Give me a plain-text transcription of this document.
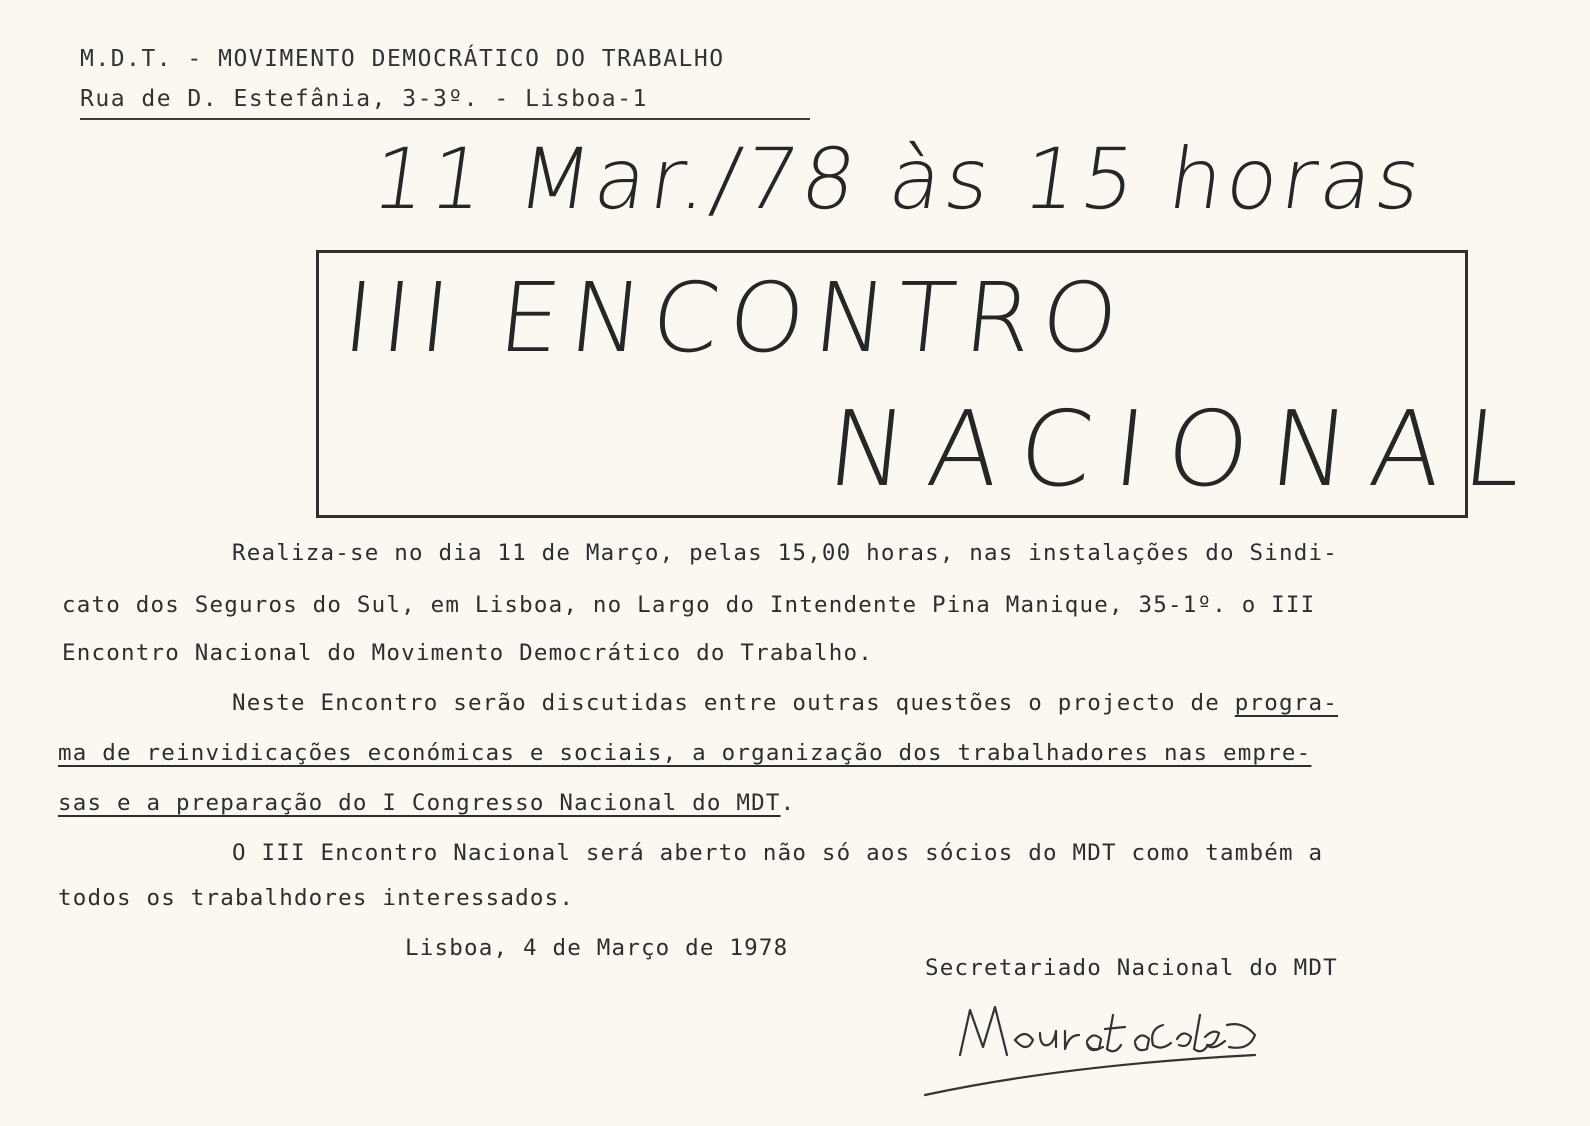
M.D.T. - MOVIMENTO DEMOCRÁTICO DO TRABALHO
Rua de D. Estefânia, 3-3º. - Lisboa-1
11 Mar./78 às 15 horas
III ENCONTRO
NACIONAL
Realiza-se no dia 11 de Março, pelas 15,00 horas, nas instalações do Sindi-
cato dos Seguros do Sul, em Lisboa, no Largo do Intendente Pina Manique, 35-1º. o III
Encontro Nacional do Movimento Democrático do Trabalho.
Neste Encontro serão discutidas entre outras questões o projecto de progra-
ma de reinvidicações económicas e sociais, a organização dos trabalhadores nas empre-
sas e a preparação do I Congresso Nacional do MDT.
O III Encontro Nacional será aberto não só aos sócios do MDT como também a
todos os trabalhdores interessados.
Lisboa, 4 de Março de 1978
Secretariado Nacional do MDT
